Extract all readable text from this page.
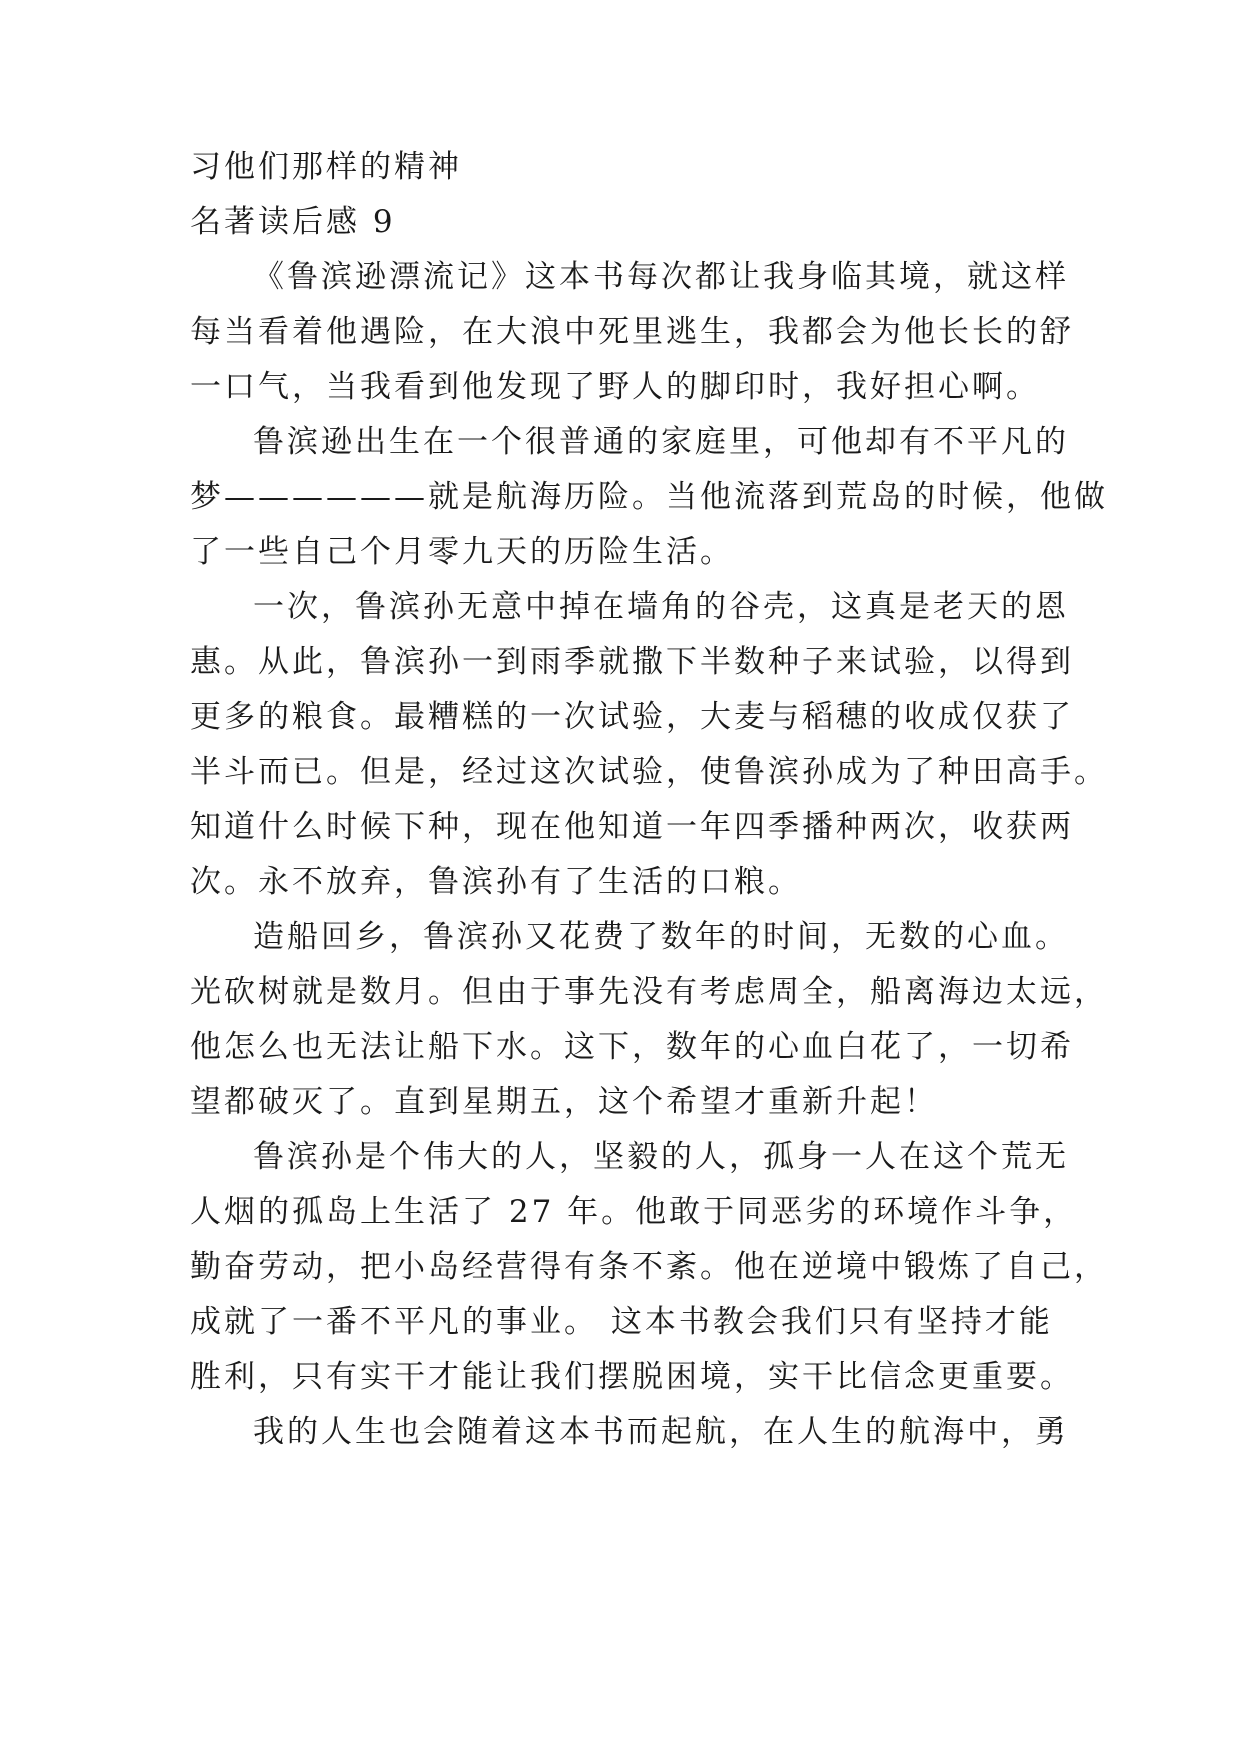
习他们那样的精神
名著读后感 9
《鲁滨逊漂流记》这本书每次都让我身临其境，就这样
每当看着他遇险，在大浪中死里逃生，我都会为他长长的舒
一口气，当我看到他发现了野人的脚印时，我好担心啊。
鲁滨逊出生在一个很普通的家庭里，可他却有不平凡的
梦——————就是航海历险。当他流落到荒岛的时候，他做
了一些自己个月零九天的历险生活。
一次，鲁滨孙无意中掉在墙角的谷壳，这真是老天的恩
惠。从此，鲁滨孙一到雨季就撒下半数种子来试验，以得到
更多的粮食。最糟糕的一次试验，大麦与稻穗的收成仅获了
半斗而已。但是，经过这次试验，使鲁滨孙成为了种田高手。
知道什么时候下种，现在他知道一年四季播种两次，收获两
次。永不放弃，鲁滨孙有了生活的口粮。
造船回乡，鲁滨孙又花费了数年的时间，无数的心血。
光砍树就是数月。但由于事先没有考虑周全，船离海边太远，
他怎么也无法让船下水。这下，数年的心血白花了，一切希
望都破灭了。直到星期五，这个希望才重新升起！
鲁滨孙是个伟大的人，坚毅的人，孤身一人在这个荒无
人烟的孤岛上生活了 27 年。他敢于同恶劣的环境作斗争，
勤奋劳动，把小岛经营得有条不紊。他在逆境中锻炼了自己，
成就了一番不平凡的事业。 这本书教会我们只有坚持才能
胜利，只有实干才能让我们摆脱困境，实干比信念更重要。
我的人生也会随着这本书而起航，在人生的航海中，勇
